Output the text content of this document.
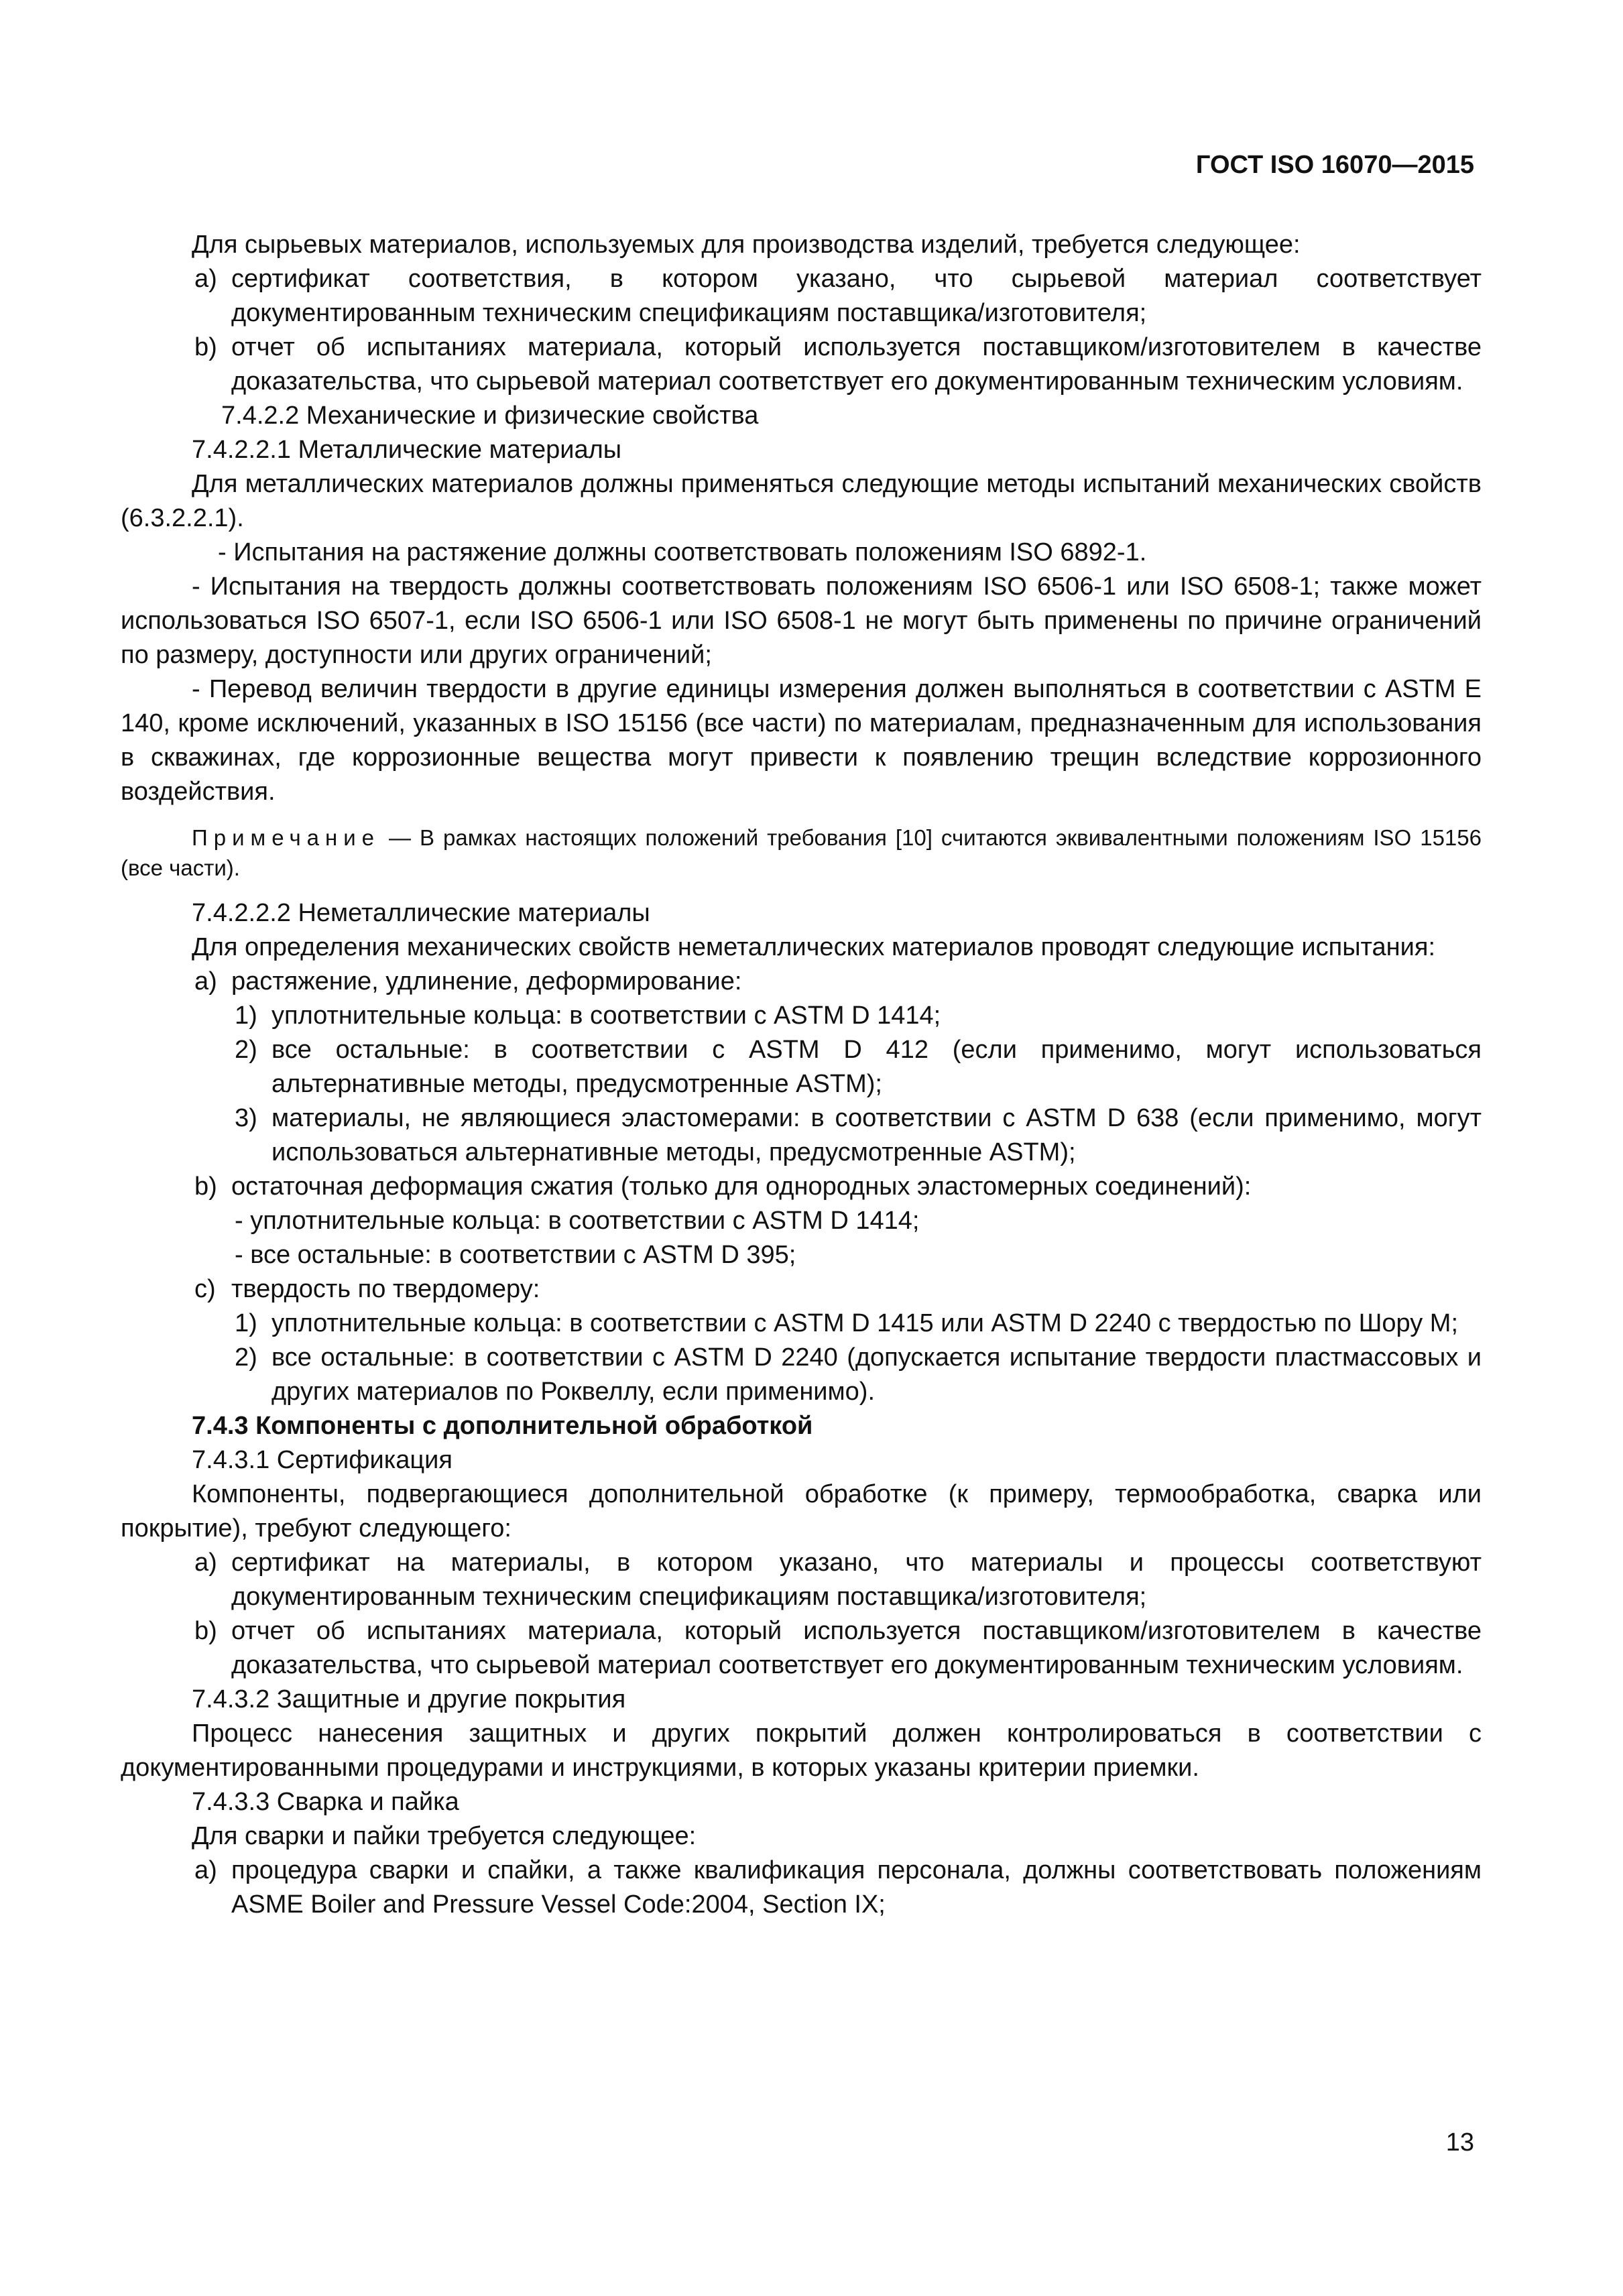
ГОСТ ISO 16070—2015

Для сырьевых материалов, используемых для производства изделий, требуется следующее:

a) сертификат соответствия, в котором указано, что сырьевой материал соответствует документированным техническим спецификациям поставщика/изготовителя;

b) отчет об испытаниях материала, который используется поставщиком/изготовителем в качестве доказательства, что сырьевой материал соответствует его документированным техническим условиям.

7.4.2.2 Механические и физические свойства

7.4.2.2.1 Металлические материалы

Для металлических материалов должны применяться следующие методы испытаний механических свойств (6.3.2.2.1).

- Испытания на растяжение должны соответствовать положениям ISO 6892-1.

- Испытания на твердость должны соответствовать положениям ISO 6506-1 или ISO 6508-1; также может использоваться ISO 6507-1, если ISO 6506-1 или ISO 6508-1 не могут быть применены по причине ограничений по размеру, доступности или других ограничений;

- Перевод величин твердости в другие единицы измерения должен выполняться в соответствии с ASTM E 140, кроме исключений, указанных в ISO 15156 (все части) по материалам, предназначенным для использования в скважинах, где коррозионные вещества могут привести к появлению трещин вследствие коррозионного воздействия.

Примечание — В рамках настоящих положений требования [10] считаются эквивалентными положениям ISO 15156 (все части).

7.4.2.2.2 Неметаллические материалы

Для определения механических свойств неметаллических материалов проводят следующие испытания:

a) растяжение, удлинение, деформирование:

1) уплотнительные кольца: в соответствии с ASTM D 1414;

2) все остальные: в соответствии с ASTM D 412 (если применимо, могут использоваться альтернативные методы, предусмотренные ASTM);

3) материалы, не являющиеся эластомерами: в соответствии с ASTM D 638 (если применимо, могут использоваться альтернативные методы, предусмотренные ASTM);

b) остаточная деформация сжатия (только для однородных эластомерных соединений):

- уплотнительные кольца: в соответствии с ASTM D 1414;

- все остальные: в соответствии с ASTM D 395;

c) твердость по твердомеру:

1) уплотнительные кольца: в соответствии с ASTM D 1415 или ASTM D 2240 с твердостью по Шору М;

2) все остальные: в соответствии с ASTM D 2240 (допускается испытание твердости пластмассовых и других материалов по Роквеллу, если применимо).

7.4.3 Компоненты с дополнительной обработкой

7.4.3.1 Сертификация

Компоненты, подвергающиеся дополнительной обработке (к примеру, термообработка, сварка или покрытие), требуют следующего:

a) сертификат на материалы, в котором указано, что материалы и процессы соответствуют документированным техническим спецификациям поставщика/изготовителя;

b) отчет об испытаниях материала, который используется поставщиком/изготовителем в качестве доказательства, что сырьевой материал соответствует его документированным техническим условиям.

7.4.3.2 Защитные и другие покрытия

Процесс нанесения защитных и других покрытий должен контролироваться в соответствии с документированными процедурами и инструкциями, в которых указаны критерии приемки.

7.4.3.3 Сварка и пайка

Для сварки и пайки требуется следующее:

a) процедура сварки и спайки, а также квалификация персонала, должны соответствовать положениям ASME Boiler and Pressure Vessel Code:2004, Section IX;

13
